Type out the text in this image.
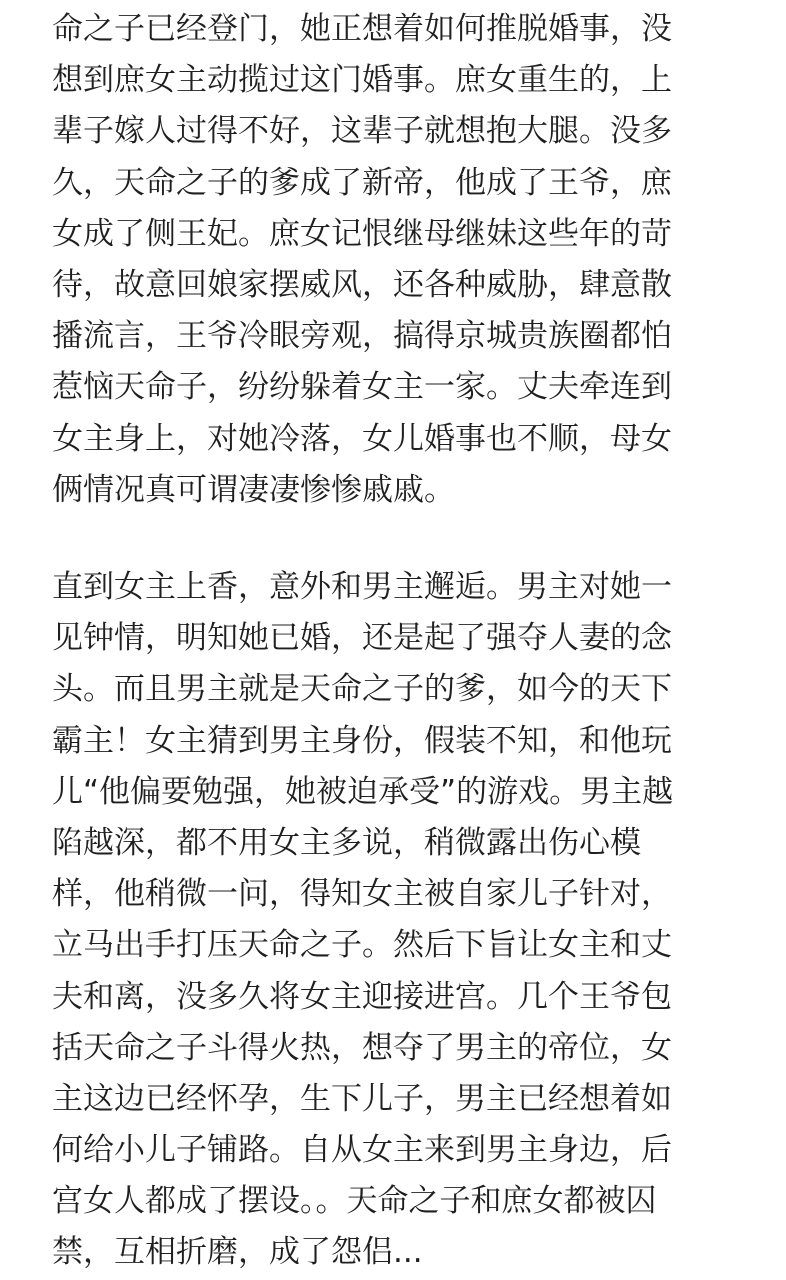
命之子已经登门，她正想着如何推脱婚事，没
想到庶女主动揽过这门婚事。庶女重生的，上
辈子嫁人过得不好，这辈子就想抱大腿。没多
久，天命之子的爹成了新帝，他成了王爷，庶
女成了侧王妃。庶女记恨继母继妹这些年的苛
待，故意回娘家摆威风，还各种威胁，肆意散
播流言，王爷冷眼旁观，搞得京城贵族圈都怕
惹恼天命子，纷纷躲着女主一家。丈夫牵连到
女主身上，对她冷落，女儿婚事也不顺，母女
俩情况真可谓凄凄惨惨戚戚。
直到女主上香，意外和男主邂逅。男主对她一
见钟情，明知她已婚，还是起了强夺人妻的念
头。而且男主就是天命之子的爹，如今的天下
霸主！女主猜到男主身份，假装不知，和他玩
儿“他偏要勉强，她被迫承受”的游戏。男主越
陷越深，都不用女主多说，稍微露出伤心模
样，他稍微一问，得知女主被自家儿子针对，
立马出手打压天命之子。然后下旨让女主和丈
夫和离，没多久将女主迎接进宫。几个王爷包
括天命之子斗得火热，想夺了男主的帝位，女
主这边已经怀孕，生下儿子，男主已经想着如
何给小儿子铺路。自从女主来到男主身边，后
宫女人都成了摆设。。天命之子和庶女都被囚
禁，互相折磨，成了怨侣...
